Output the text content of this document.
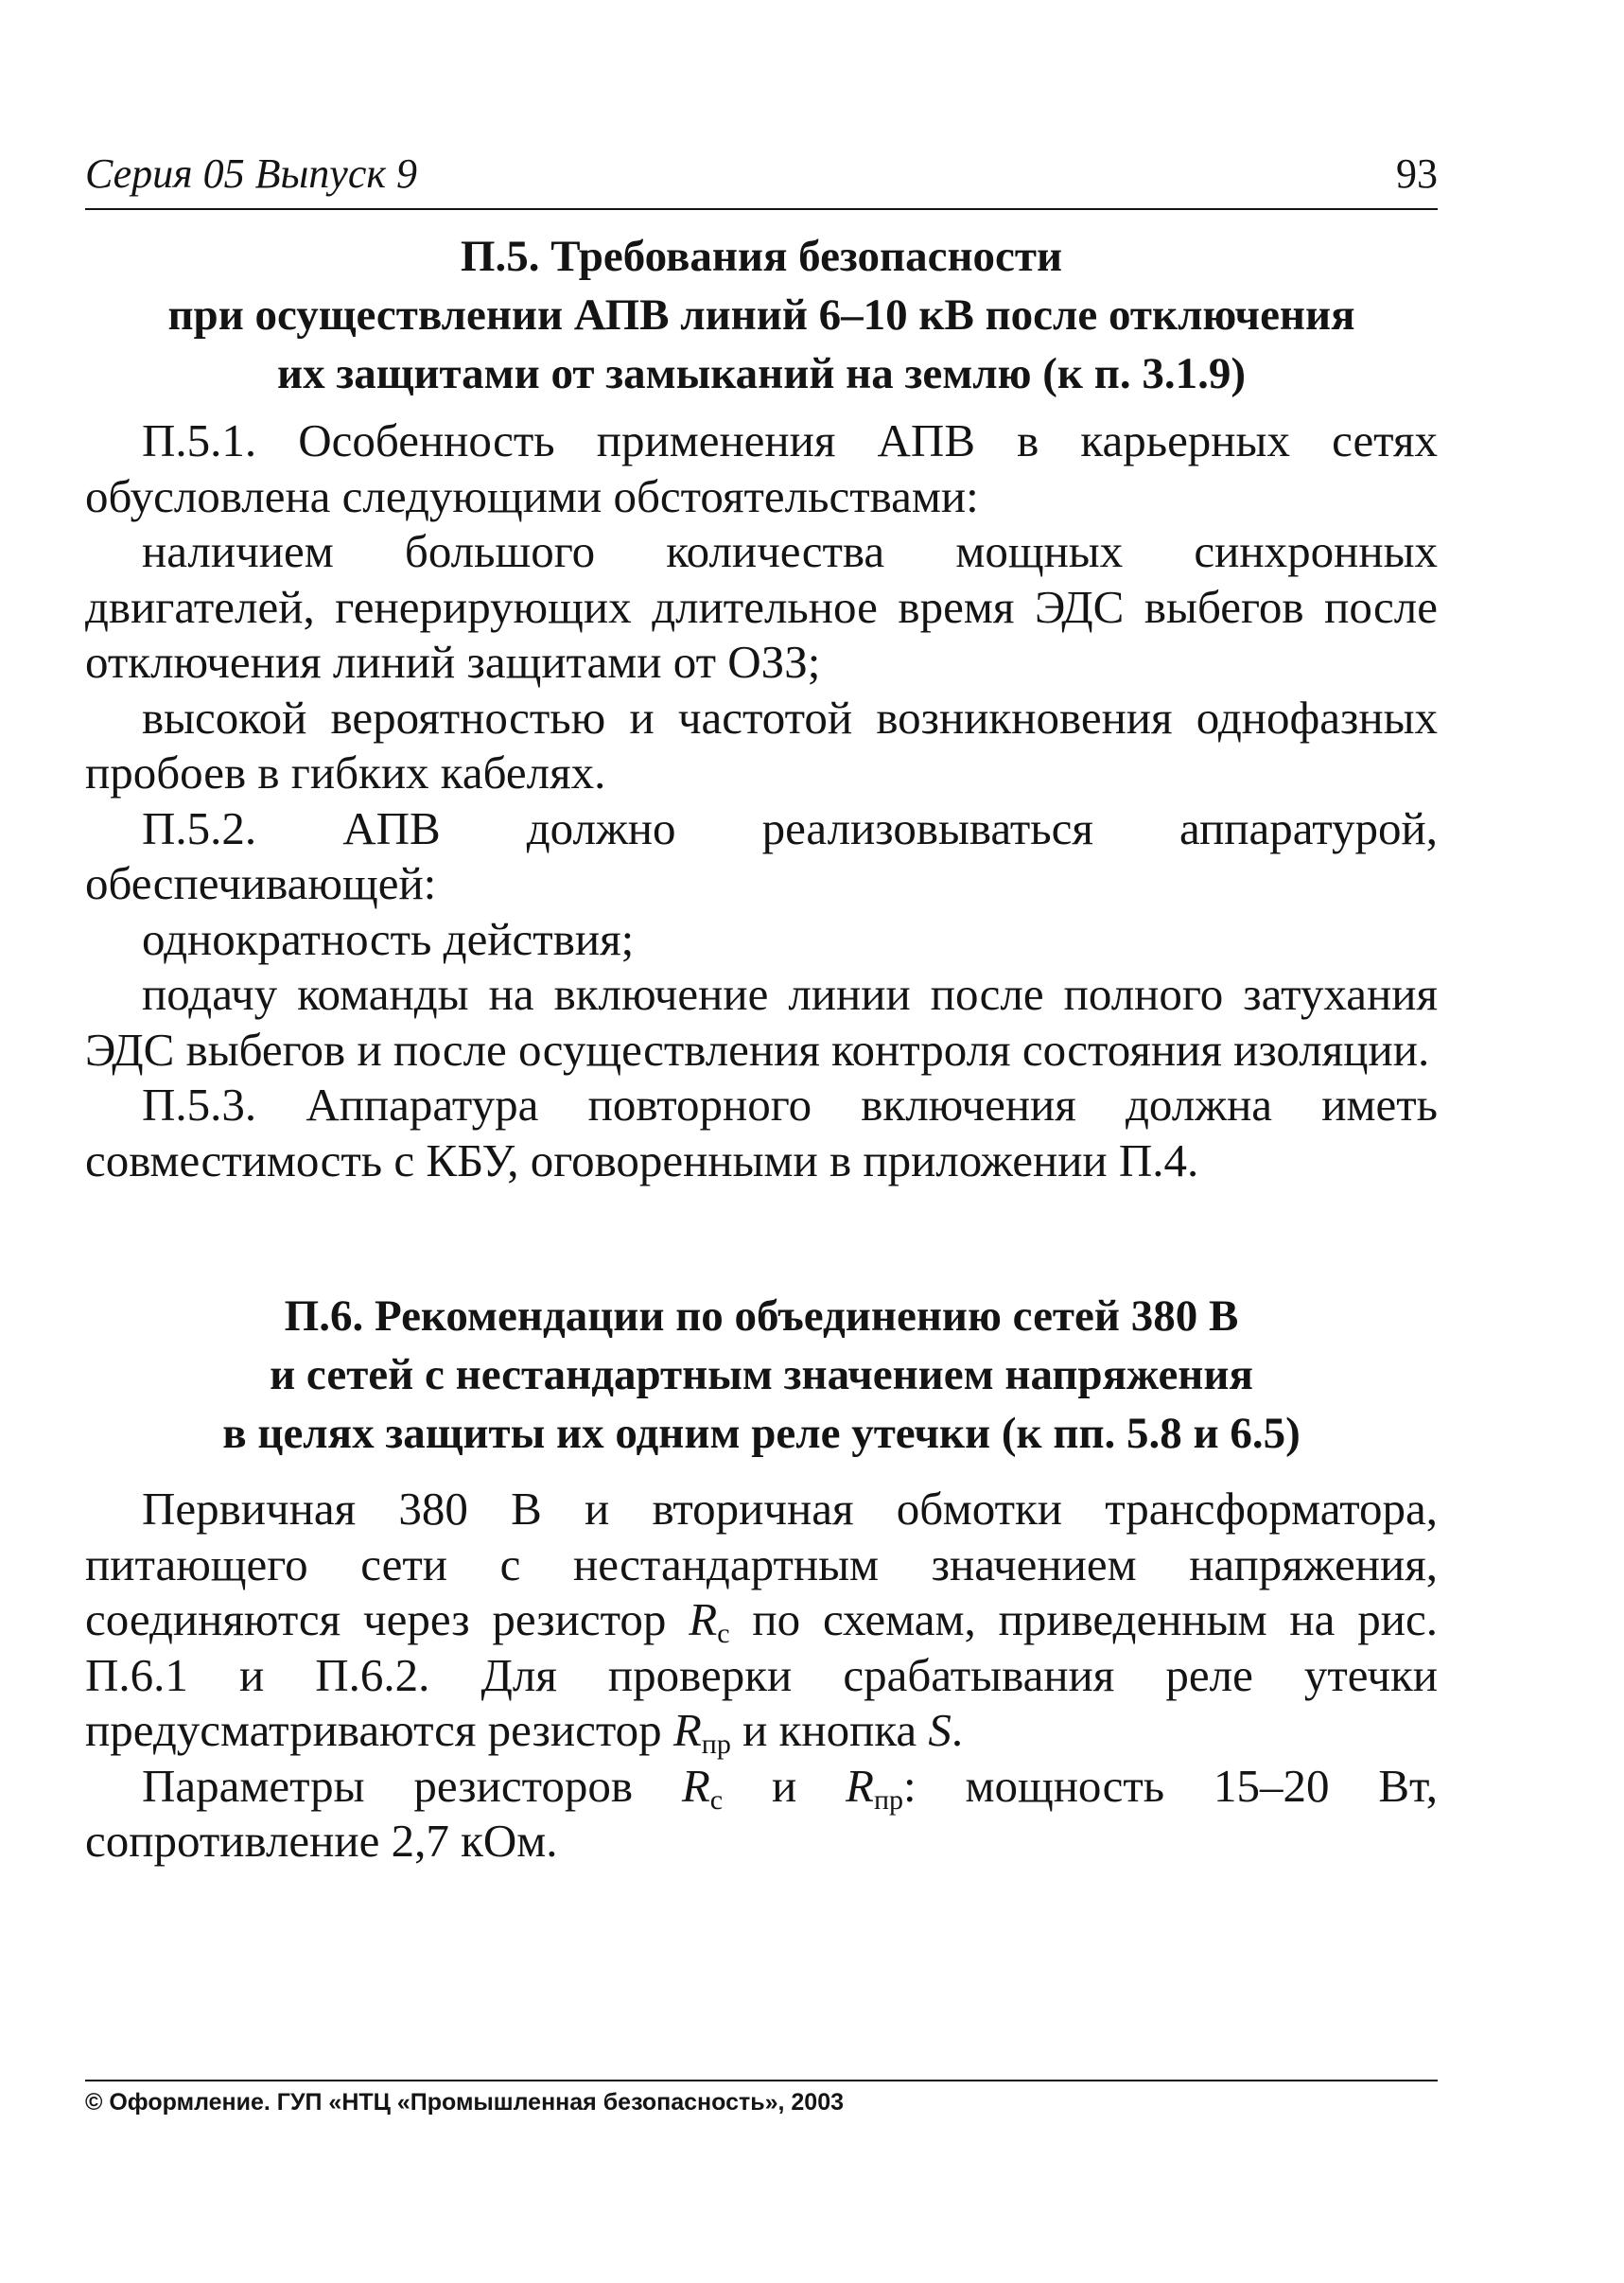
Серия 05 Выпуск 9	93
П.5. Требования безопасности
при осуществлении АПВ линий 6–10 кВ после отключения
их защитами от замыканий на землю (к п. 3.1.9)

П.5.1. Особенность применения АПВ в карьерных сетях обусловлена следующими обстоятельствами:

наличием большого количества мощных синхронных двигателей, генерирующих длительное время ЭДС выбегов после отключения линий защитами от ОЗЗ;

высокой вероятностью и частотой возникновения однофазных пробоев в гибких кабелях.

П.5.2. АПВ должно реализовываться аппаратурой, обеспечивающей:

однократность действия;

подачу команды на включение линии после полного затухания ЭДС выбегов и после осуществления контроля состояния изоляции.

П.5.3. Аппаратура повторного включения должна иметь совместимость с КБУ, оговоренными в приложении П.4.

П.6. Рекомендации по объединению сетей 380 В
и сетей с нестандартным значением напряжения
в целях защиты их одним реле утечки (к пп. 5.8 и 6.5)

Первичная 380 В и вторичная обмотки трансформатора, питающего сети с нестандартным значением напряжения, соединяются через резистор $R_с$ по схемам, приведенным на рис. П.6.1 и П.6.2. Для проверки срабатывания реле утечки предусматриваются резистор $R_{пр}$ и кнопка S.

Параметры резисторов $R_с$ и $R_{пр}$: мощность 15–20 Вт, сопротивление 2,7 кОм.

© Оформление. ГУП «НТЦ «Промышленная безопасность», 2003
